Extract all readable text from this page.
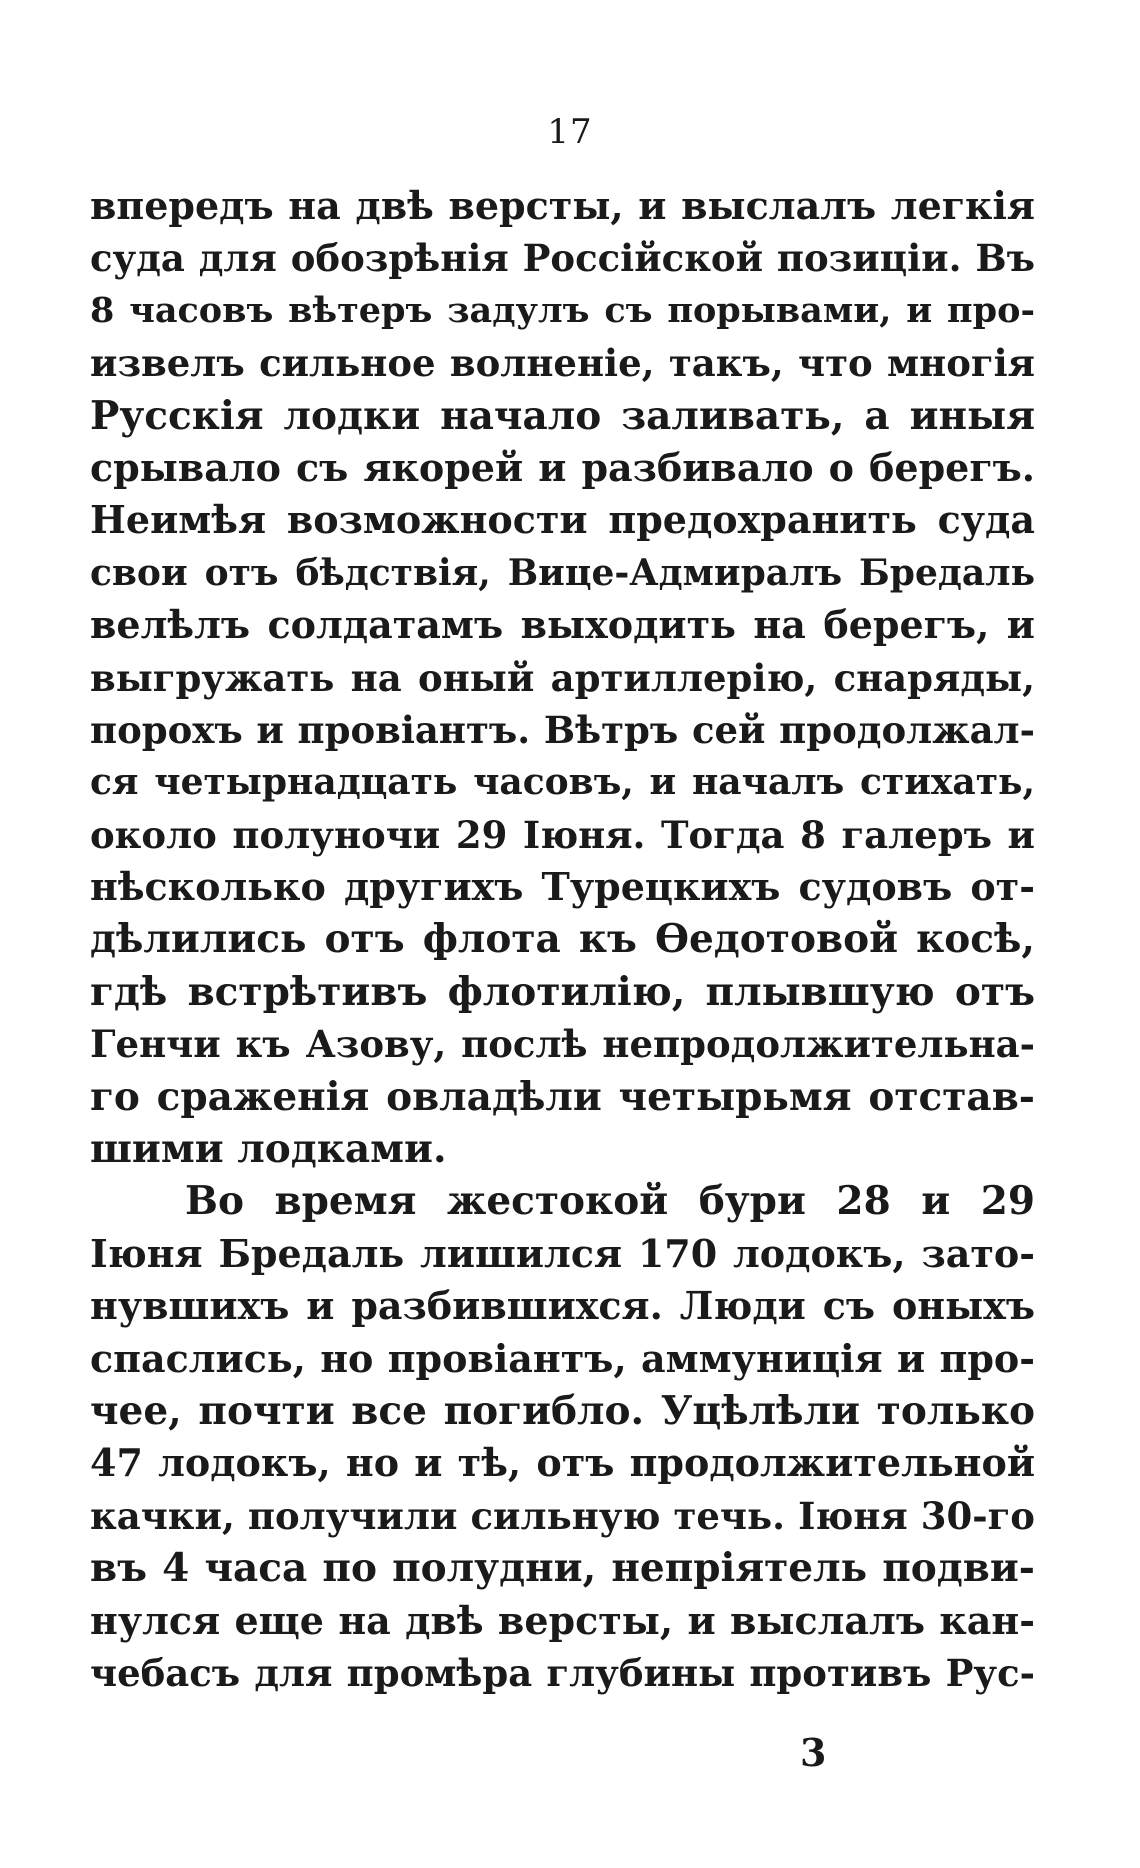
17
впередъ на двѣ версты, и выслалъ легкія
суда для обозрѣнія Россійской позиціи. Въ
8 часовъ вѣтеръ задулъ съ порывами, и про-
извелъ сильное волненіе, такъ, что многія
Русскія лодки начало заливать, а иныя
срывало съ якорей и разбивало о берегъ.
Неимѣя возможности предохранить суда
свои отъ бѣдствія, Вице-Адмиралъ Бредаль
велѣлъ солдатамъ выходить на берегъ, и
выгружать на оный артиллерію, снаряды,
порохъ и провіантъ. Вѣтръ сей продолжал-
ся четырнадцать часовъ, и началъ стихать,
около полуночи 29 Іюня. Тогда 8 галеръ и
нѣсколько другихъ Турецкихъ судовъ от-
дѣлились отъ флота къ Ѳедотовой косѣ,
гдѣ встрѣтивъ флотилію, плывшую отъ
Генчи къ Азову, послѣ непродолжительна-
го сраженія овладѣли четырьмя отстав-
шими лодками.
Во время жестокой бури 28 и 29
Іюня Бредаль лишился 170 лодокъ, зато-
нувшихъ и разбившихся. Люди съ оныхъ
спаслись, но провіантъ, аммуниція и про-
чее, почти все погибло. Уцѣлѣли только
47 лодокъ, но и тѣ, отъ продолжительной
качки, получили сильную течь. Іюня 30-го
въ 4 часа по полудни, непріятель подви-
нулся еще на двѣ версты, и выслалъ кан-
чебасъ для промѣра глубины противъ Рус-
3
